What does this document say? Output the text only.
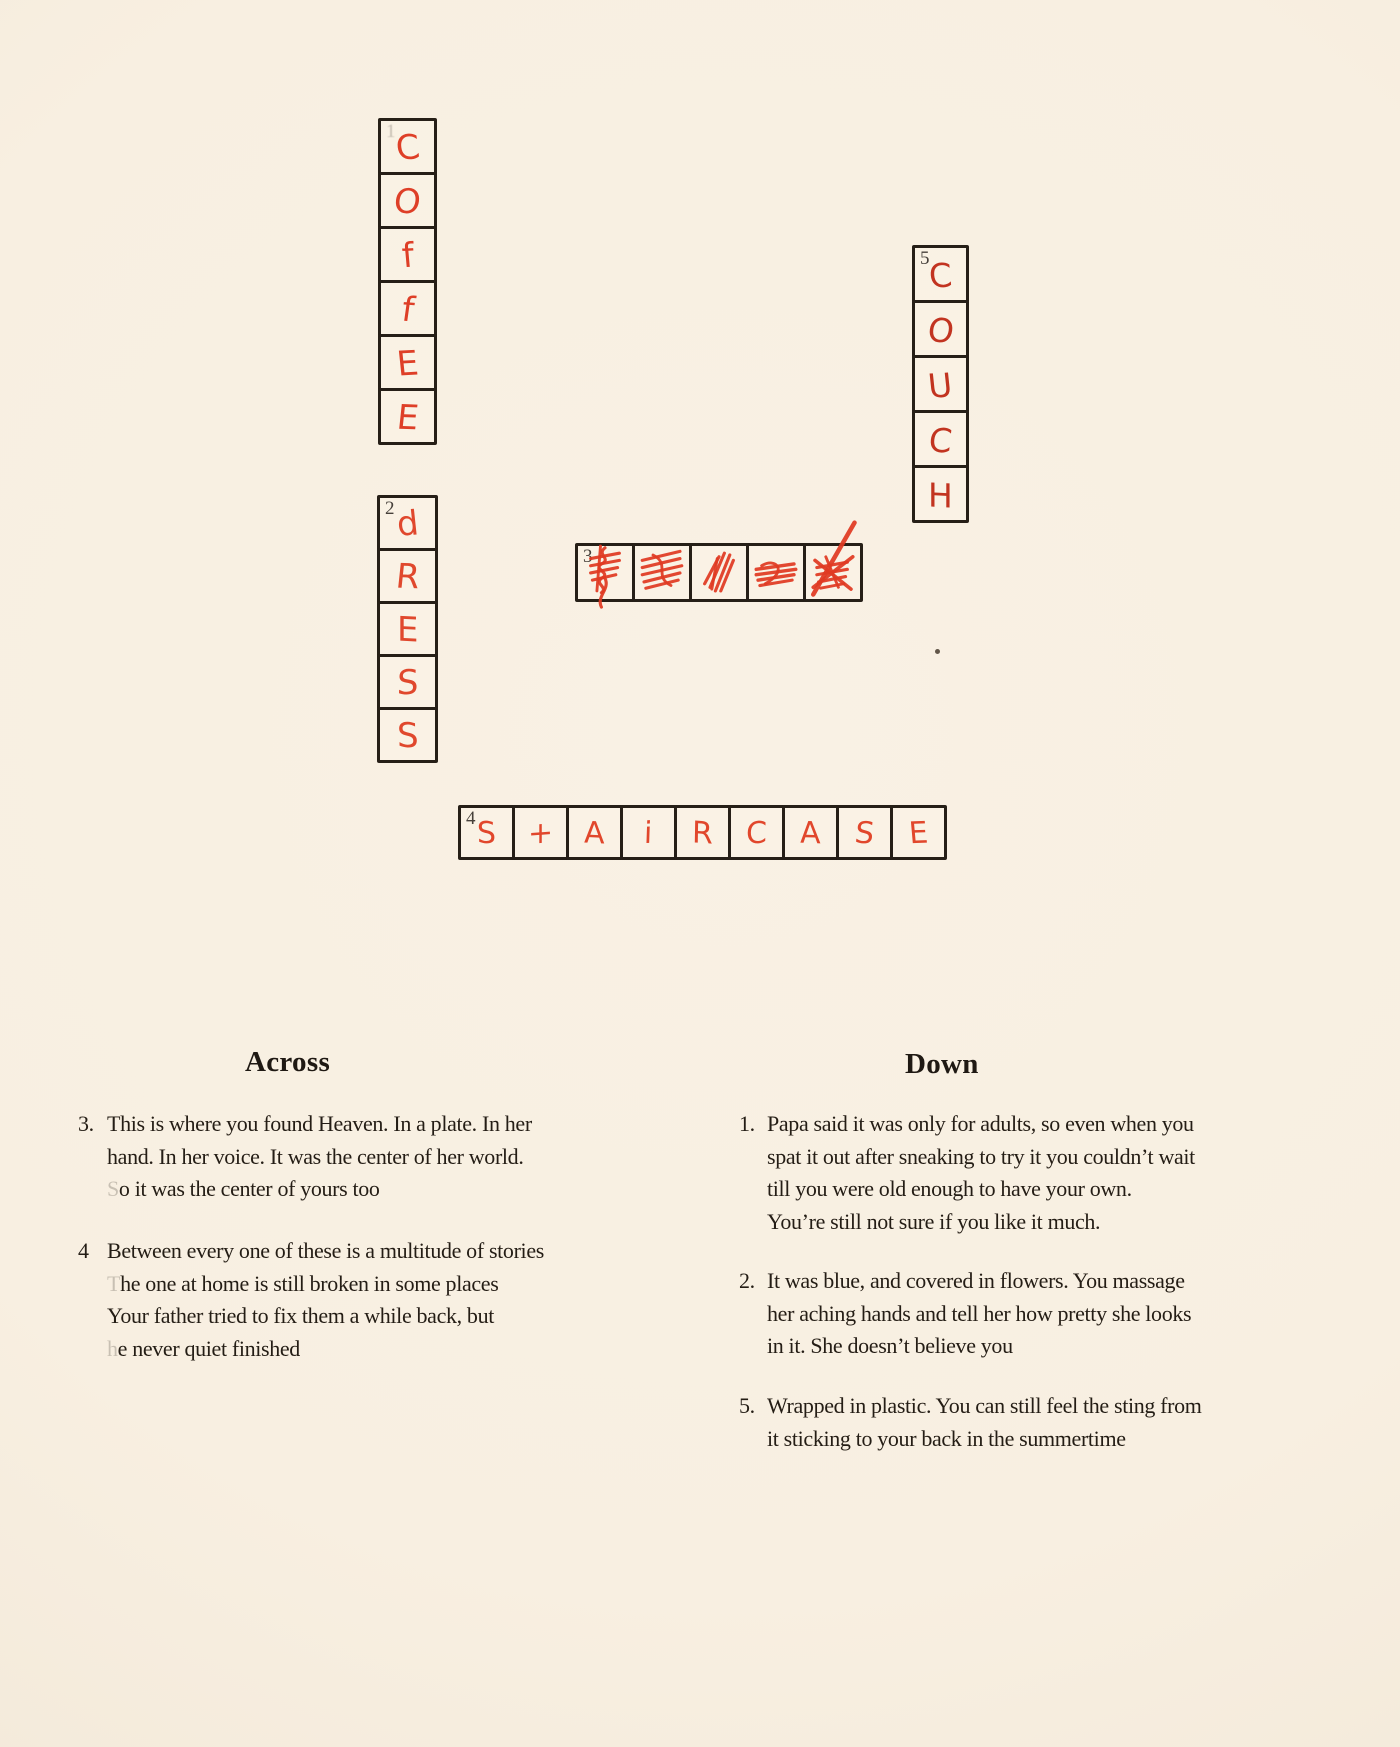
1
C
O
f
f
E
E
5
C
O
U
C
H
2 d
R
E
S
S
3
4 S + A i R C A S E
Across	Down
3. This is where you found Heaven. In a plate. In her
hand. In her voice. It was the center of her world.
So it was the center of yours too
4 Between every one of these is a multitude of stories
The one at home is still broken in some places
Your father tried to fix them a while back, but
he never quiet finished
1. Papa said it was only for adults, so even when you
spat it out after sneaking to try it you couldn’t wait
till you were old enough to have your own.
You’re still not sure if you like it much.
2. It was blue, and covered in flowers. You massage
her aching hands and tell her how pretty she looks
in it. She doesn’t believe you
5. Wrapped in plastic. You can still feel the sting from
it sticking to your back in the summertime
